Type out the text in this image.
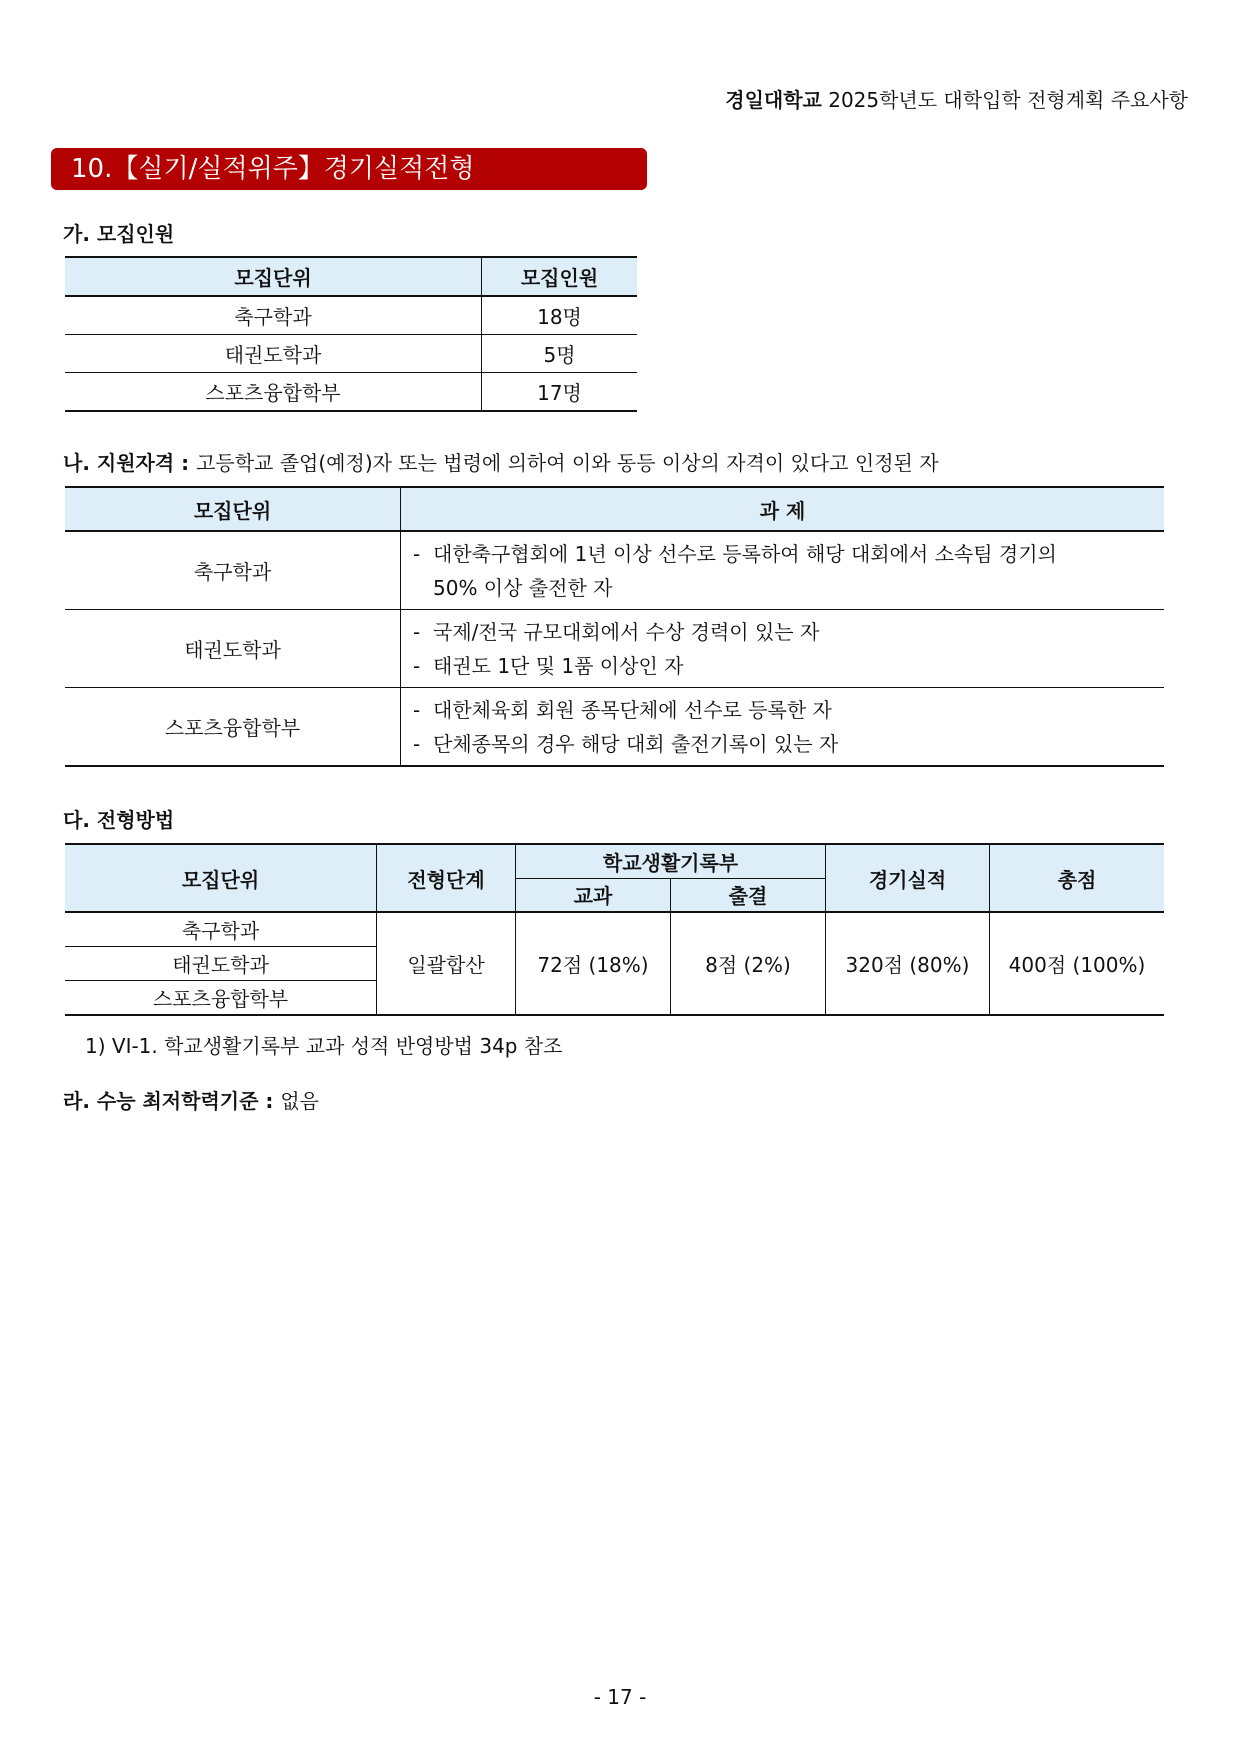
경일대학교 2025학년도 대학입학 전형계획 주요사항
10.【실기/실적위주】경기실적전형
가. 모집인원
모집단위	모집인원
축구학과	18명
태권도학과	5명
스포츠융합학부	17명
나. 지원자격 : 고등학교 졸업(예정)자 또는 법령에 의하여 이와 동등 이상의 자격이 있다고 인정된 자
모집단위	과 제
축구학과	- 대한축구협회에 1년 이상 선수로 등록하여 해당 대회에서 소속팀 경기의
50% 이상 출전한 자

태권도학과	- 국제/전국 규모대회에서 수상 경력이 있는 자
- 태권도 1단 및 1품 이상인 자

스포츠융합학부	- 대한체육회 회원 종목단체에 선수로 등록한 자
- 단체종목의 경우 해당 대회 출전기록이 있는 자
다. 전형방법
모집단위	전형단계	학교생활기록부		경기실적	총점
		교과	출결		
축구학과	일괄합산	72점 (18%)	8점 (2%)	320점 (80%)	400점 (100%)
태권도학과					
스포츠융합학부					
1) VI-1. 학교생활기록부 교과 성적 반영방법 34p 참조
라. 수능 최저학력기준 : 없음
- 17 -
